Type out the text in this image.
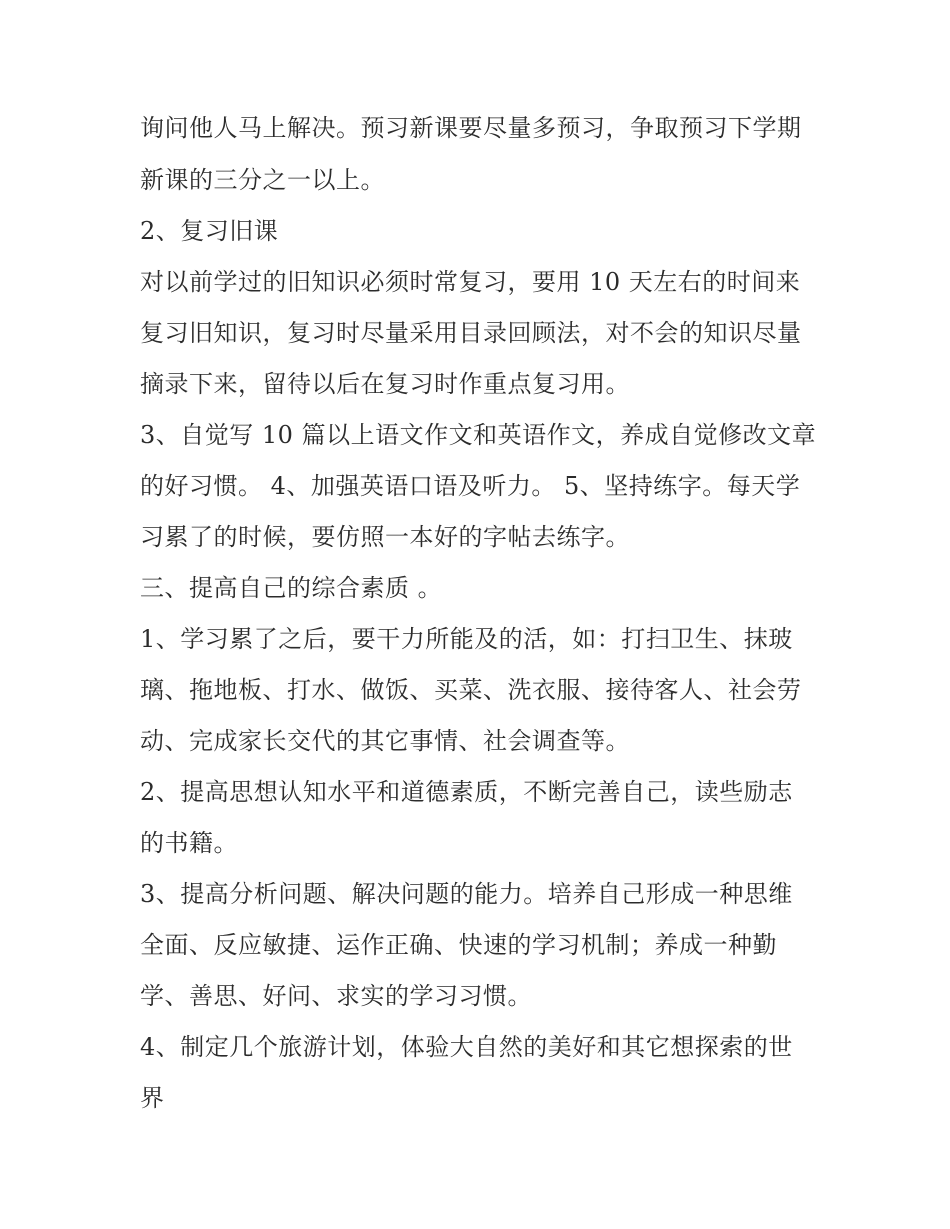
询问他人马上解决。预习新课要尽量多预习，争取预习下学期
新课的三分之一以上。
2、复习旧课
对以前学过的旧知识必须时常复习，要用 10 天左右的时间来
复习旧知识，复习时尽量采用目录回顾法，对不会的知识尽量
摘录下来，留待以后在复习时作重点复习用。
3、自觉写 10 篇以上语文作文和英语作文，养成自觉修改文章
的好习惯。 4、加强英语口语及听力。 5、坚持练字。每天学
习累了的时候，要仿照一本好的字帖去练字。
三、提高自己的综合素质 。
1、学习累了之后，要干力所能及的活，如：打扫卫生、抹玻
璃、拖地板、打水、做饭、买菜、洗衣服、接待客人、社会劳
动、完成家长交代的其它事情、社会调查等。
2、提高思想认知水平和道德素质，不断完善自己，读些励志
的书籍。
3、提高分析问题、解决问题的能力。培养自己形成一种思维
全面、反应敏捷、运作正确、快速的学习机制；养成一种勤
学、善思、好问、求实的学习习惯。
4、制定几个旅游计划，体验大自然的美好和其它想探索的世
界
